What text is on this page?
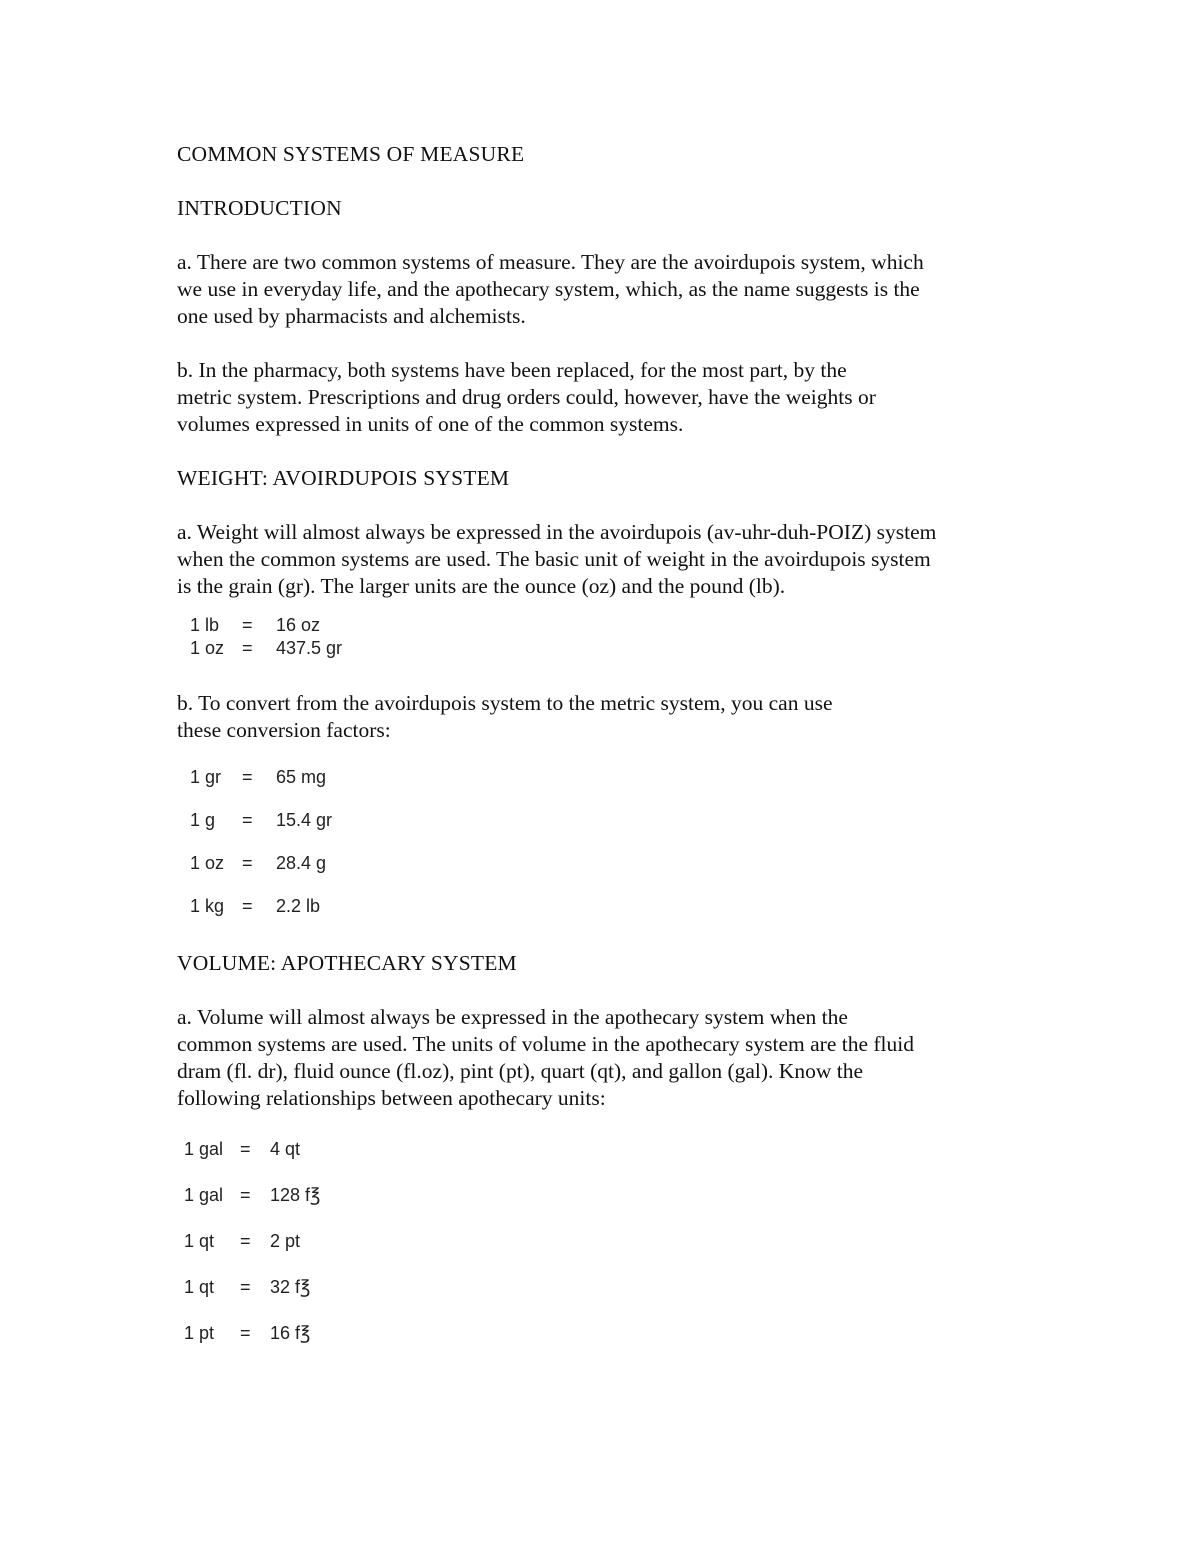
COMMON SYSTEMS OF MEASURE
INTRODUCTION
a. There are two common systems of measure. They are the avoirdupois system, which
we use in everyday life, and the apothecary system, which, as the name suggests is the
one used by pharmacists and alchemists.
b. In the pharmacy, both systems have been replaced, for the most part, by the
metric system. Prescriptions and drug orders could, however, have the weights or
volumes expressed in units of one of the common systems.
WEIGHT: AVOIRDUPOIS SYSTEM
a. Weight will almost always be expressed in the avoirdupois (av-uhr-duh-POIZ) system
when the common systems are used. The basic unit of weight in the avoirdupois system
is the grain (gr). The larger units are the ounce (oz) and the pound (lb).
1 lb	=	16 oz
1 oz =	437.5 gr
b. To convert from the avoirdupois system to the metric system, you can use
these conversion factors:
1 gr	=	65 mg
1 g	=	15.4 gr
1 oz =	28.4 g
1 kg =	2.2 lb
VOLUME: APOTHECARY SYSTEM
a. Volume will almost always be expressed in the apothecary system when the
common systems are used. The units of volume in the apothecary system are the fluid
dram (fl. dr), fluid ounce (fl.oz), pint (pt), quart (qt), and gallon (gal). Know the
following relationships between apothecary units:
1 gal =	4 qt
1 gal =	128 f℥
1 qt	=	2 pt
1 qt	=	32 f℥
1 pt	=	16 f℥
